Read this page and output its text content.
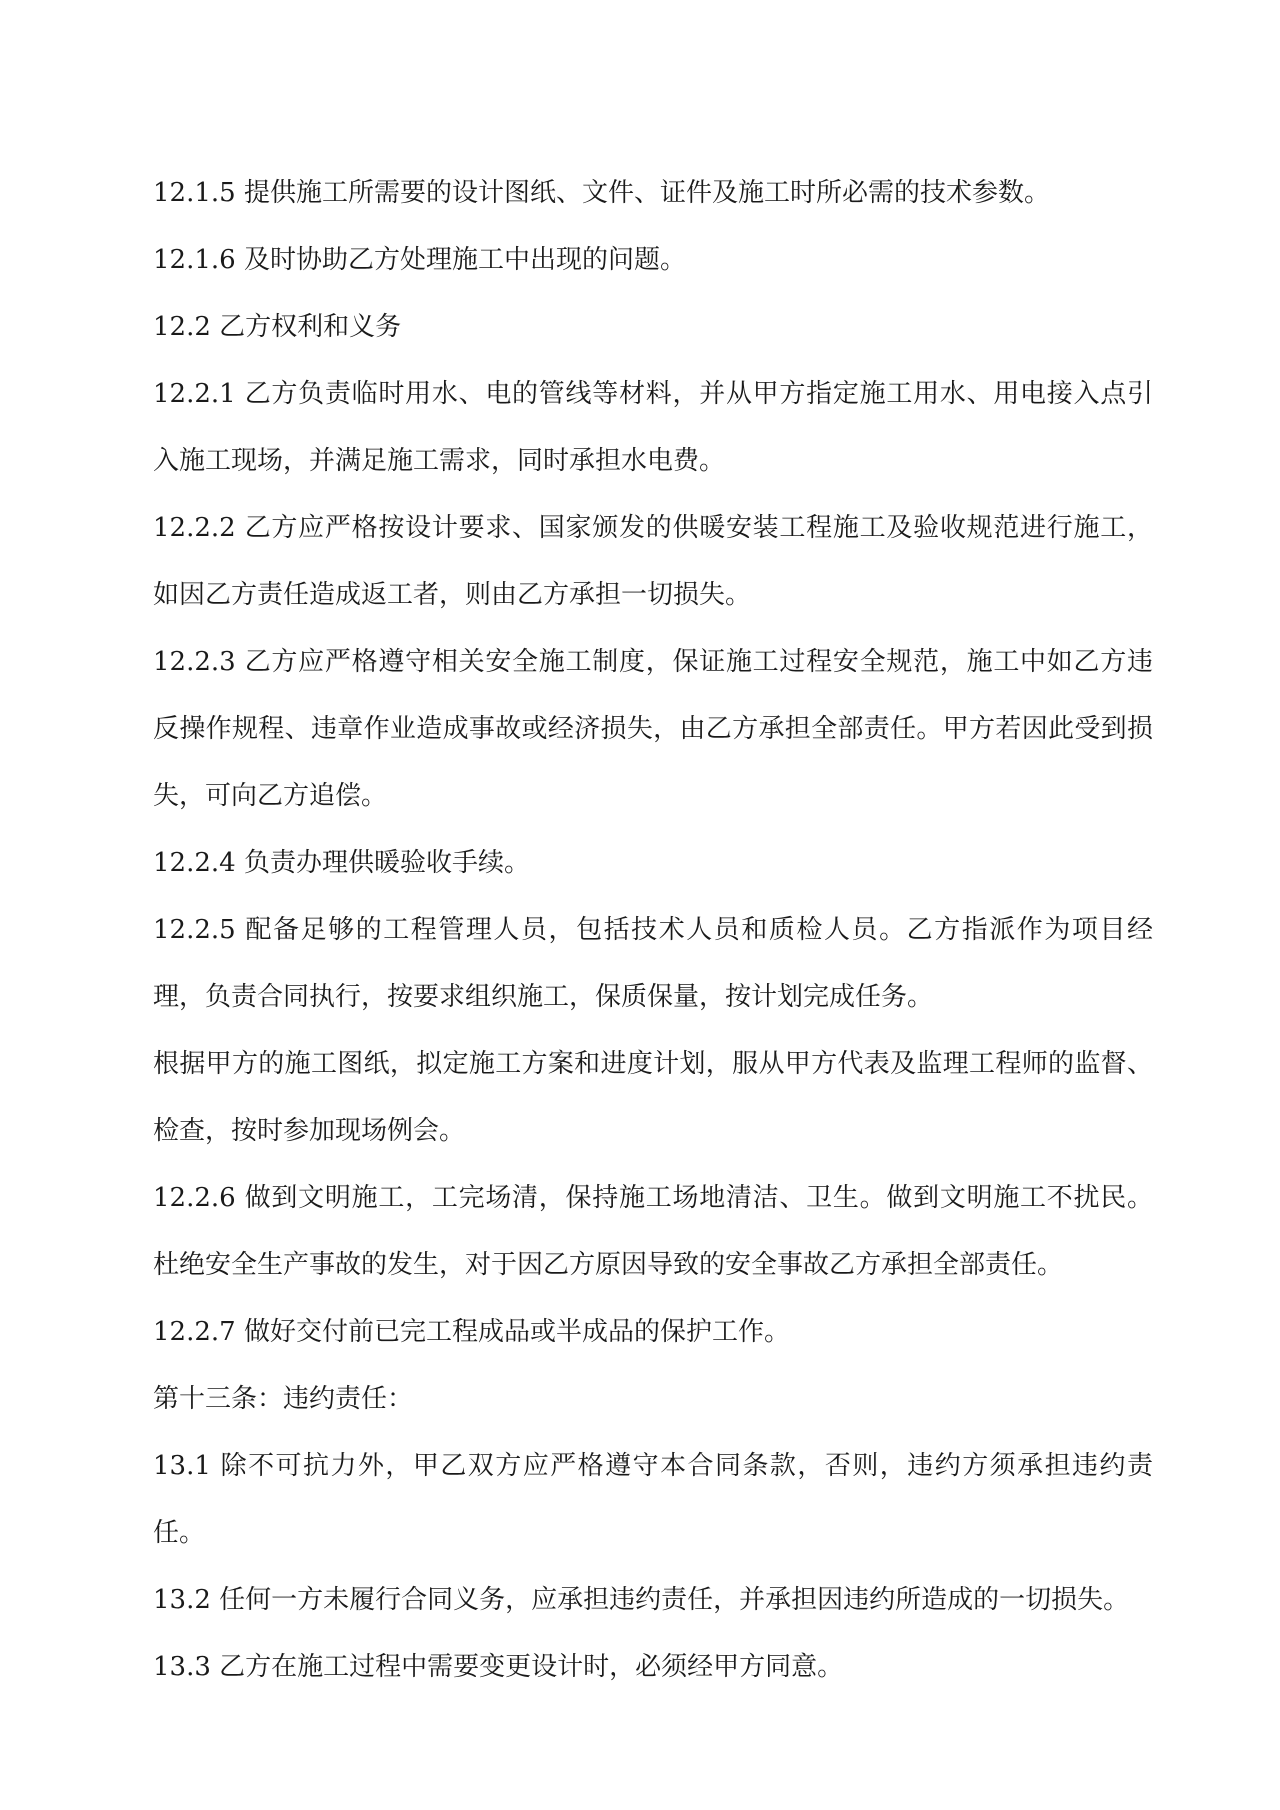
12.1.5 提供施工所需要的设计图纸、文件、证件及施工时所必需的技术参数。

12.1.6 及时协助乙方处理施工中出现的问题。

12.2 乙方权利和义务

12.2.1 乙方负责临时用水、电的管线等材料，并从甲方指定施工用水、用电接入点引入施工现场，并满足施工需求，同时承担水电费。

12.2.2 乙方应严格按设计要求、国家颁发的供暖安装工程施工及验收规范进行施工，如因乙方责任造成返工者，则由乙方承担一切损失。

12.2.3 乙方应严格遵守相关安全施工制度，保证施工过程安全规范，施工中如乙方违反操作规程、违章作业造成事故或经济损失，由乙方承担全部责任。甲方若因此受到损失，可向乙方追偿。

12.2.4 负责办理供暖验收手续。

12.2.5 配备足够的工程管理人员，包括技术人员和质检人员。乙方指派作为项目经理，负责合同执行，按要求组织施工，保质保量，按计划完成任务。

根据甲方的施工图纸，拟定施工方案和进度计划，服从甲方代表及监理工程师的监督、检查，按时参加现场例会。

12.2.6 做到文明施工，工完场清，保持施工场地清洁、卫生。做到文明施工不扰民。杜绝安全生产事故的发生，对于因乙方原因导致的安全事故乙方承担全部责任。

12.2.7 做好交付前已完工程成品或半成品的保护工作。

第十三条：违约责任：

13.1 除不可抗力外，甲乙双方应严格遵守本合同条款，否则，违约方须承担违约责任。

13.2 任何一方未履行合同义务，应承担违约责任，并承担因违约所造成的一切损失。

13.3 乙方在施工过程中需要变更设计时，必须经甲方同意。
